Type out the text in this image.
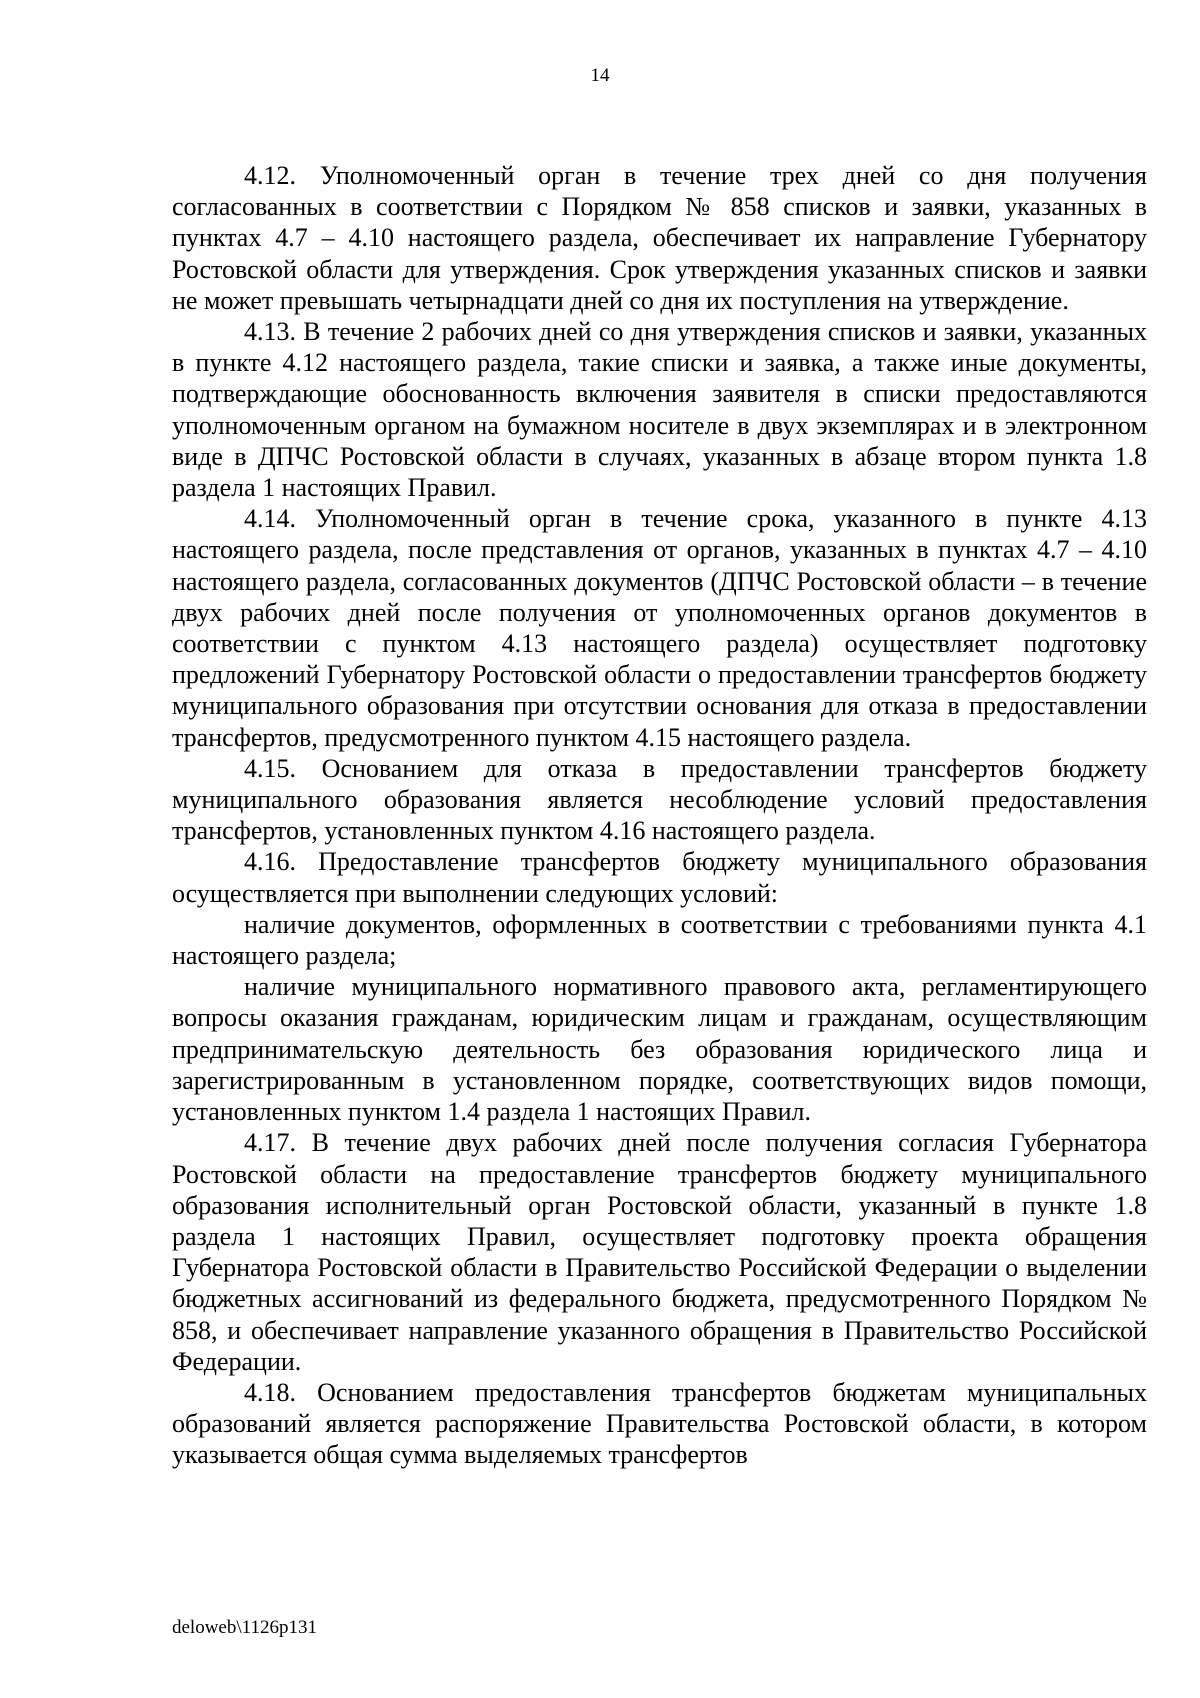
14

4.12. Уполномоченный орган в течение трех дней со дня получения согласованных в соответствии с Порядком № 858 списков и заявки, указанных в пунктах 4.7 – 4.10 настоящего раздела, обеспечивает их направление Губернатору Ростовской области для утверждения. Срок утверждения указанных списков и заявки не может превышать четырнадцати дней со дня их поступления на утверждение.

4.13. В течение 2 рабочих дней со дня утверждения списков и заявки, указанных в пункте 4.12 настоящего раздела, такие списки и заявка, а также иные документы, подтверждающие обоснованность включения заявителя в списки предоставляются уполномоченным органом на бумажном носителе в двух экземплярах и в электронном виде в ДПЧС Ростовской области в случаях, указанных в абзаце втором пункта 1.8 раздела 1 настоящих Правил.

4.14. Уполномоченный орган в течение срока, указанного в пункте 4.13 настоящего раздела, после представления от органов, указанных в пунктах 4.7 – 4.10 настоящего раздела, согласованных документов (ДПЧС Ростовской области – в течение двух рабочих дней после получения от уполномоченных органов документов в соответствии с пунктом 4.13 настоящего раздела) осуществляет подготовку предложений Губернатору Ростовской области о предоставлении трансфертов бюджету муниципального образования при отсутствии основания для отказа в предоставлении трансфертов, предусмотренного пунктом 4.15 настоящего раздела.

4.15. Основанием для отказа в предоставлении трансфертов бюджету муниципального образования является несоблюдение условий предоставления трансфертов, установленных пунктом 4.16 настоящего раздела.

4.16. Предоставление трансфертов бюджету муниципального образования осуществляется при выполнении следующих условий:

наличие документов, оформленных в соответствии с требованиями пункта 4.1 настоящего раздела;

наличие муниципального нормативного правового акта, регламентирующего вопросы оказания гражданам, юридическим лицам и гражданам, осуществляющим предпринимательскую деятельность без образования юридического лица и зарегистрированным в установленном порядке, соответствующих видов помощи, установленных пунктом 1.4 раздела 1 настоящих Правил.

4.17. В течение двух рабочих дней после получения согласия Губернатора Ростовской области на предоставление трансфертов бюджету муниципального образования исполнительный орган Ростовской области, указанный в пункте 1.8 раздела 1 настоящих Правил, осуществляет подготовку проекта обращения Губернатора Ростовской области в Правительство Российской Федерации о выделении бюджетных ассигнований из федерального бюджета, предусмотренного Порядком № 858, и обеспечивает направление указанного обращения в Правительство Российской Федерации.

4.18. Основанием предоставления трансфертов бюджетам муниципальных образований является распоряжение Правительства Ростовской области, в котором указывается общая сумма выделяемых трансфертов

deloweb\1126p131
